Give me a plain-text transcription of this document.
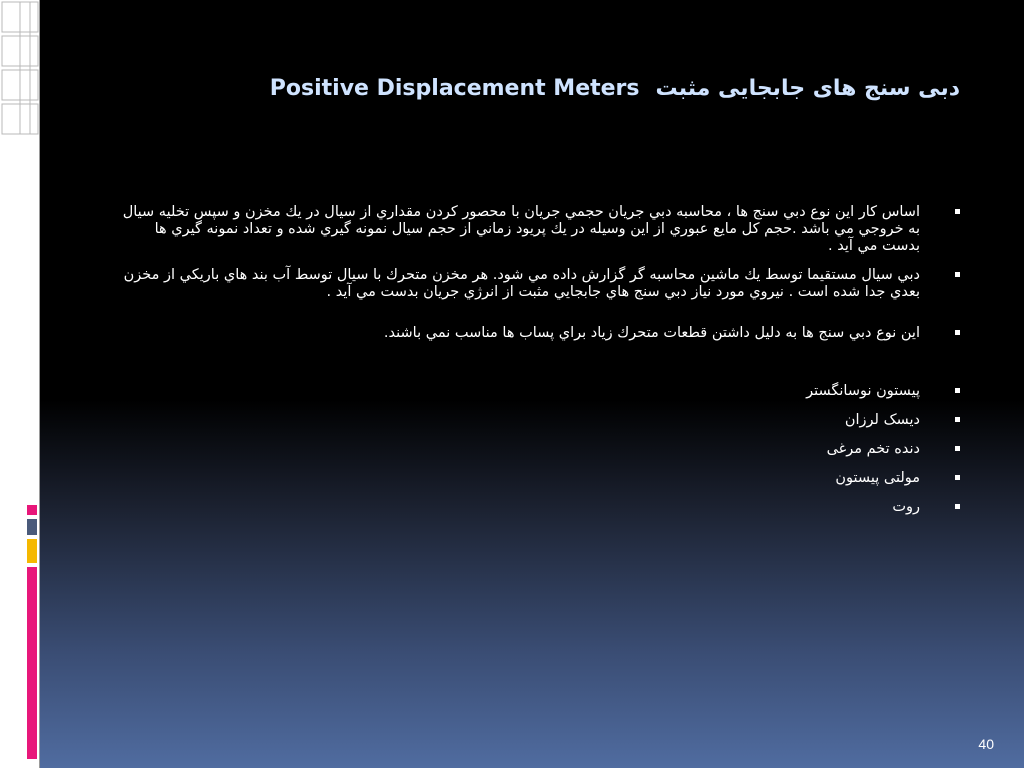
Positive Displacement Meters دبی سنج های جابجایی مثبت
اساس كار اين نوع دبي سنج ها ، محاسبه دبي جريان حجمي جريان با محصور كردن مقداري از سيال در يك مخزن و سپس تخليه سيال به خروجي مي باشد .حجم كل مايع عبوري از اين وسيله در يك پريود زماني از حجم سيال نمونه گيري شده و تعداد نمونه گيري ها بدست مي آيد .
دبي سيال مستقيما توسط يك ماشين محاسبه گر گزارش داده مي شود. هر مخزن متحرك با سيال توسط آب بند هاي باريكي از مخزن بعدي جدا شده است . نيروي مورد نياز دبي سنج هاي جابجايي مثبت از انرژي جريان بدست مي آيد .
اين نوع دبي سنج ها به دليل داشتن قطعات متحرك زياد براي پساب ها مناسب نمي باشند.
پیستون نوسانگستر
دیسک لرزان
دنده تخم مرغی
مولتی پیستون
روت
40
